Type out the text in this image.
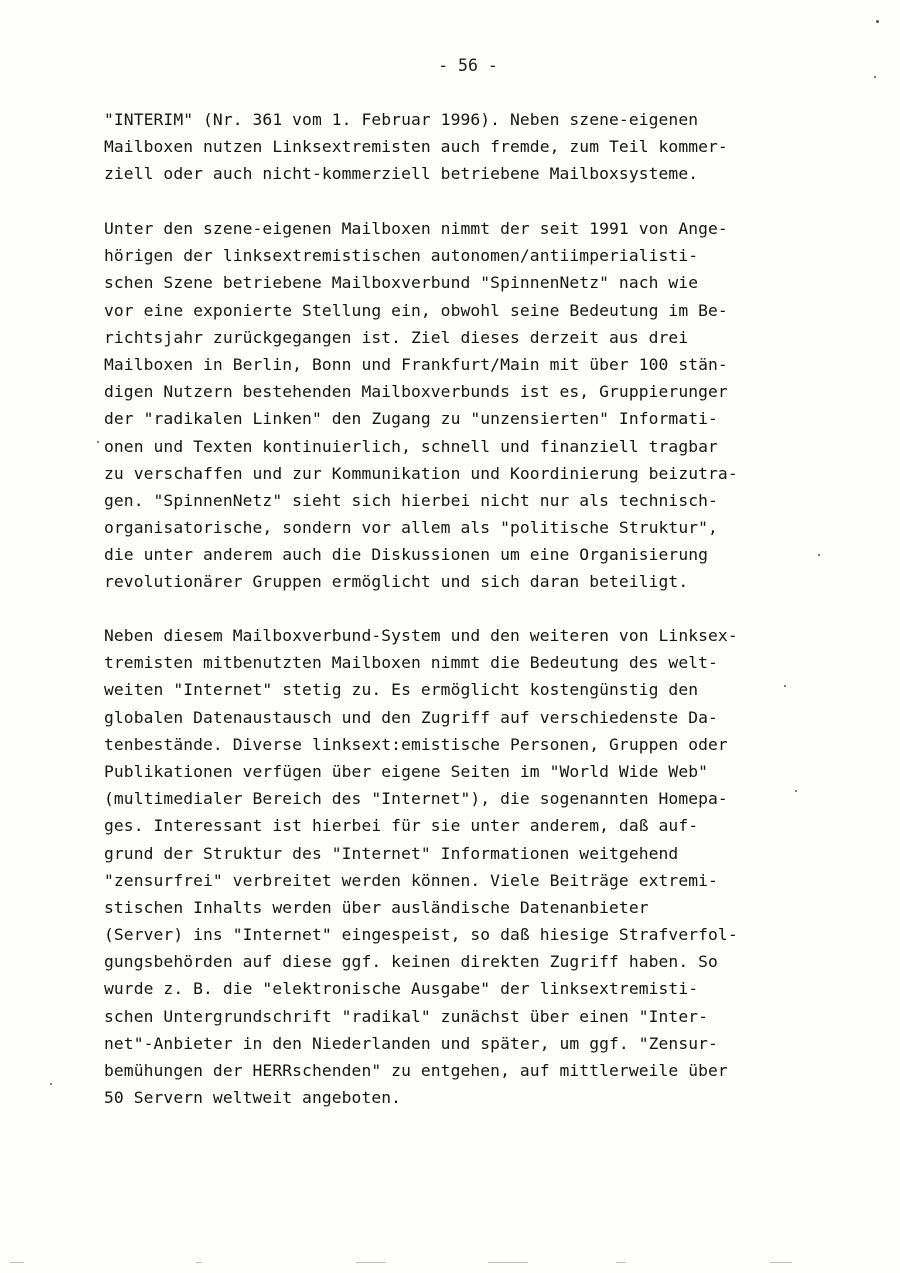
- 56 -
"INTERIM" (Nr. 361 vom 1. Februar 1996). Neben szene-eigenen
Mailboxen nutzen Linksextremisten auch fremde, zum Teil kommer-
ziell oder auch nicht-kommerziell betriebene Mailboxsysteme.
Unter den szene-eigenen Mailboxen nimmt der seit 1991 von Ange-
hörigen der linksextremistischen autonomen/antiimperialisti-
schen Szene betriebene Mailboxverbund "SpinnenNetz" nach wie
vor eine exponierte Stellung ein, obwohl seine Bedeutung im Be-
richtsjahr zurückgegangen ist. Ziel dieses derzeit aus drei
Mailboxen in Berlin, Bonn und Frankfurt/Main mit über 100 stän-
digen Nutzern bestehenden Mailboxverbunds ist es, Gruppierunger
der "radikalen Linken" den Zugang zu "unzensierten" Informati-
onen und Texten kontinuierlich, schnell und finanziell tragbar
zu verschaffen und zur Kommunikation und Koordinierung beizutra-
gen. "SpinnenNetz" sieht sich hierbei nicht nur als technisch-
organisatorische, sondern vor allem als "politische Struktur",
die unter anderem auch die Diskussionen um eine Organisierung
revolutionärer Gruppen ermöglicht und sich daran beteiligt.
Neben diesem Mailboxverbund-System und den weiteren von Linksex-
tremisten mitbenutzten Mailboxen nimmt die Bedeutung des welt-
weiten "Internet" stetig zu. Es ermöglicht kostengünstig den
globalen Datenaustausch und den Zugriff auf verschiedenste Da-
tenbestände. Diverse linksext:emistische Personen, Gruppen oder
Publikationen verfügen über eigene Seiten im "World Wide Web"
(multimedialer Bereich des "Internet"), die sogenannten Homepa-
ges. Interessant ist hierbei für sie unter anderem, daß auf-
grund der Struktur des "Internet" Informationen weitgehend
"zensurfrei" verbreitet werden können. Viele Beiträge extremi-
stischen Inhalts werden über ausländische Datenanbieter
(Server) ins "Internet" eingespeist, so daß hiesige Strafverfol-
gungsbehörden auf diese ggf. keinen direkten Zugriff haben. So
wurde z. B. die "elektronische Ausgabe" der linksextremisti-
schen Untergrundschrift "radikal" zunächst über einen "Inter-
net"-Anbieter in den Niederlanden und später, um ggf. "Zensur-
bemühungen der HERRschenden" zu entgehen, auf mittlerweile über
50 Servern weltweit angeboten.
